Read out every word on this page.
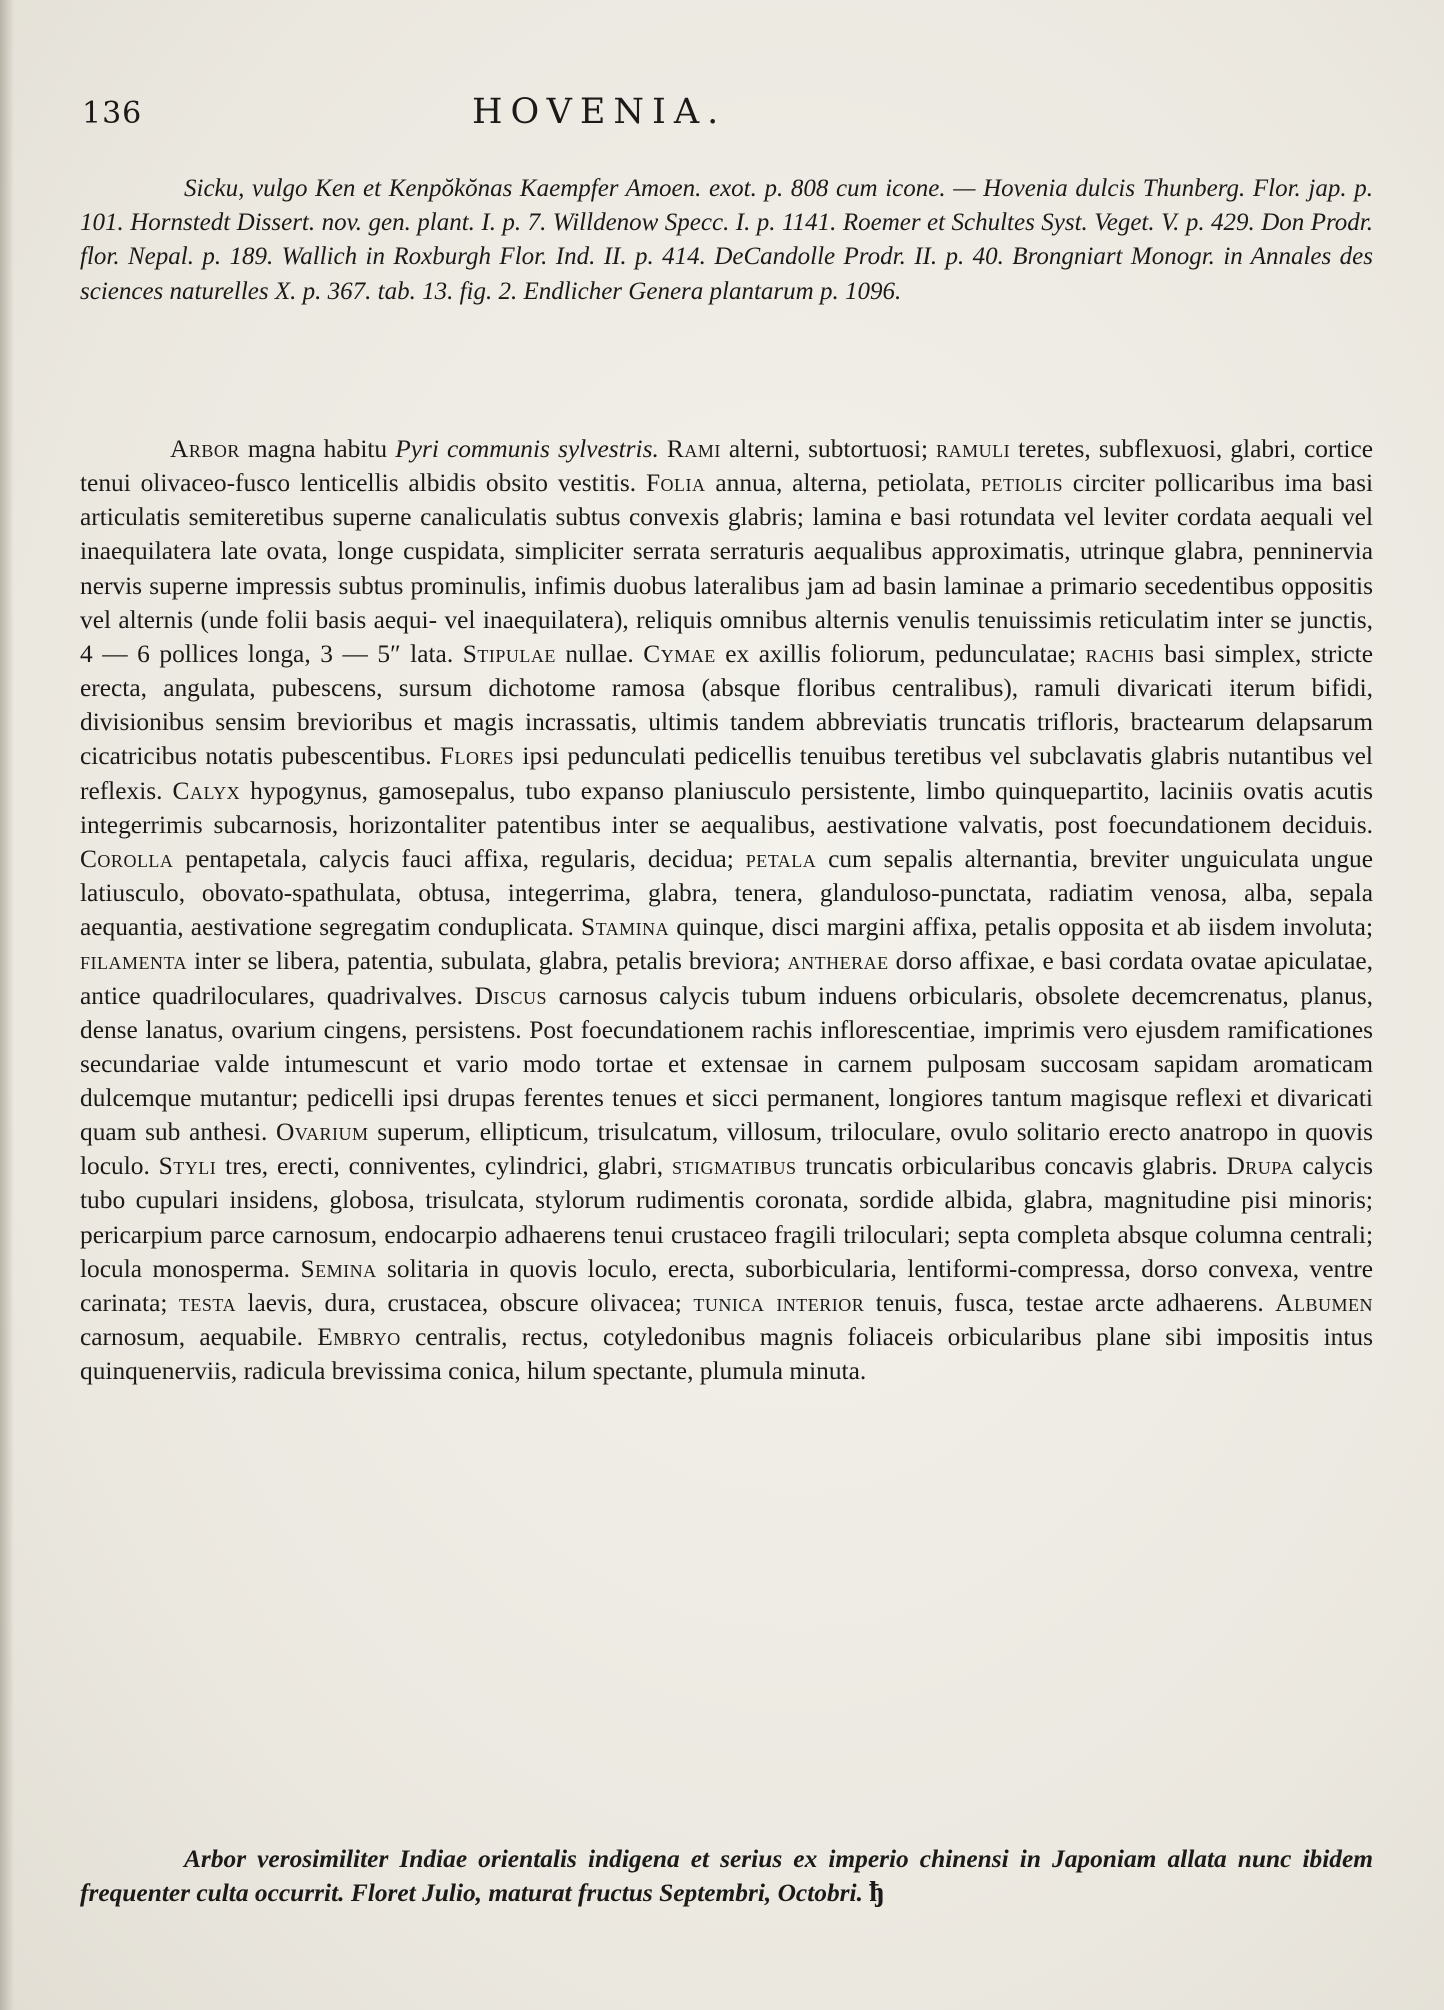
136	HOVENIA.

Sicku, vulgo Ken et Kenpŏkŏnas Kaempfer Amoen. exot. p. 808 cum icone. — Hovenia dulcis Thunberg. Flor. jap. p. 101. Hornstedt Dissert. nov. gen. plant. I. p. 7. Willdenow Specc. I. p. 1141. Roemer et Schultes Syst. Veget. V. p. 429. Don Prodr. flor. Nepal. p. 189. Wallich in Roxburgh Flor. Ind. II. p. 414. DeCandolle Prodr. II. p. 40. Brongniart Monogr. in Annales des sciences naturelles X. p. 367. tab. 13. fig. 2. Endlicher Genera plantarum p. 1096.

Arbor magna habitu Pyri communis sylvestris. Rami alterni, subtortuosi; ramuli teretes, subflexuosi, glabri, cortice tenui olivaceo-fusco lenticellis albidis obsito vestitis. Folia annua, alterna, petiolata, petiolis circiter pollicaribus ima basi articulatis semiteretibus superne canaliculatis subtus convexis glabris; lamina e basi rotundata vel leviter cordata aequali vel inaequilatera late ovata, longe cuspidata, simpliciter serrata serraturis aequalibus approximatis, utrinque glabra, penninervia nervis superne impressis subtus prominulis, infimis duobus lateralibus jam ad basin laminae a primario secedentibus oppositis vel alternis (unde folii basis aequi- vel inaequilatera), reliquis omnibus alternis venulis tenuissimis reticulatim inter se junctis, 4 — 6 pollices longa, 3 — 5″ lata. Stipulae nullae. Cymae ex axillis foliorum, pedunculatae; rachis basi simplex, stricte erecta, angulata, pubescens, sursum dichotome ramosa (absque floribus centralibus), ramuli divaricati iterum bifidi, divisionibus sensim brevioribus et magis incrassatis, ultimis tandem abbreviatis truncatis trifloris, bractearum delapsarum cicatricibus notatis pubescentibus. Flores ipsi pedunculati pedicellis tenuibus teretibus vel subclavatis glabris nutantibus vel reflexis. Calyx hypogynus, gamosepalus, tubo expanso planiusculo persistente, limbo quinquepartito, laciniis ovatis acutis integerrimis subcarnosis, horizontaliter patentibus inter se aequalibus, aestivatione valvatis, post foecundationem deciduis. Corolla pentapetala, calycis fauci affixa, regularis, decidua; petala cum sepalis alternantia, breviter unguiculata ungue latiusculo, obovato-spathulata, obtusa, integerrima, glabra, tenera, glanduloso-punctata, radiatim venosa, alba, sepala aequantia, aestivatione segregatim conduplicata. Stamina quinque, disci margini affixa, petalis opposita et ab iisdem involuta; filamenta inter se libera, patentia, subulata, glabra, petalis breviora; antherae dorso affixae, e basi cordata ovatae apiculatae, antice quadriloculares, quadrivalves. Discus carnosus calycis tubum induens orbicularis, obsolete decemcrenatus, planus, dense lanatus, ovarium cingens, persistens. Post foecundationem rachis inflorescentiae, imprimis vero ejusdem ramificationes secundariae valde intumescunt et vario modo tortae et extensae in carnem pulposam succosam sapidam aromaticam dulcemque mutantur; pedicelli ipsi drupas ferentes tenues et sicci permanent, longiores tantum magisque reflexi et divaricati quam sub anthesi. Ovarium superum, ellipticum, trisulcatum, villosum, triloculare, ovulo solitario erecto anatropo in quovis loculo. Styli tres, erecti, conniventes, cylindrici, glabri, stigmatibus truncatis orbicularibus concavis glabris. Drupa calycis tubo cupulari insidens, globosa, trisulcata, stylorum rudimentis coronata, sordide albida, glabra, magnitudine pisi minoris; pericarpium parce carnosum, endocarpio adhaerens tenui crustaceo fragili triloculari; septa completa absque columna centrali; locula monosperma. Semina solitaria in quovis loculo, erecta, suborbicularia, lentiformi-compressa, dorso convexa, ventre carinata; testa laevis, dura, crustacea, obscure olivacea; tunica interior tenuis, fusca, testae arcte adhaerens. Albumen carnosum, aequabile. Embryo centralis, rectus, cotyledonibus magnis foliaceis orbicularibus plane sibi impositis intus quinquenerviis, radicula brevissima conica, hilum spectante, plumula minuta.

Arbor verosimiliter Indiae orientalis indigena et serius ex imperio chinensi in Japoniam allata nunc ibidem frequenter culta occurrit. Floret Julio, maturat fructus Septembri, Octobri. ђ
